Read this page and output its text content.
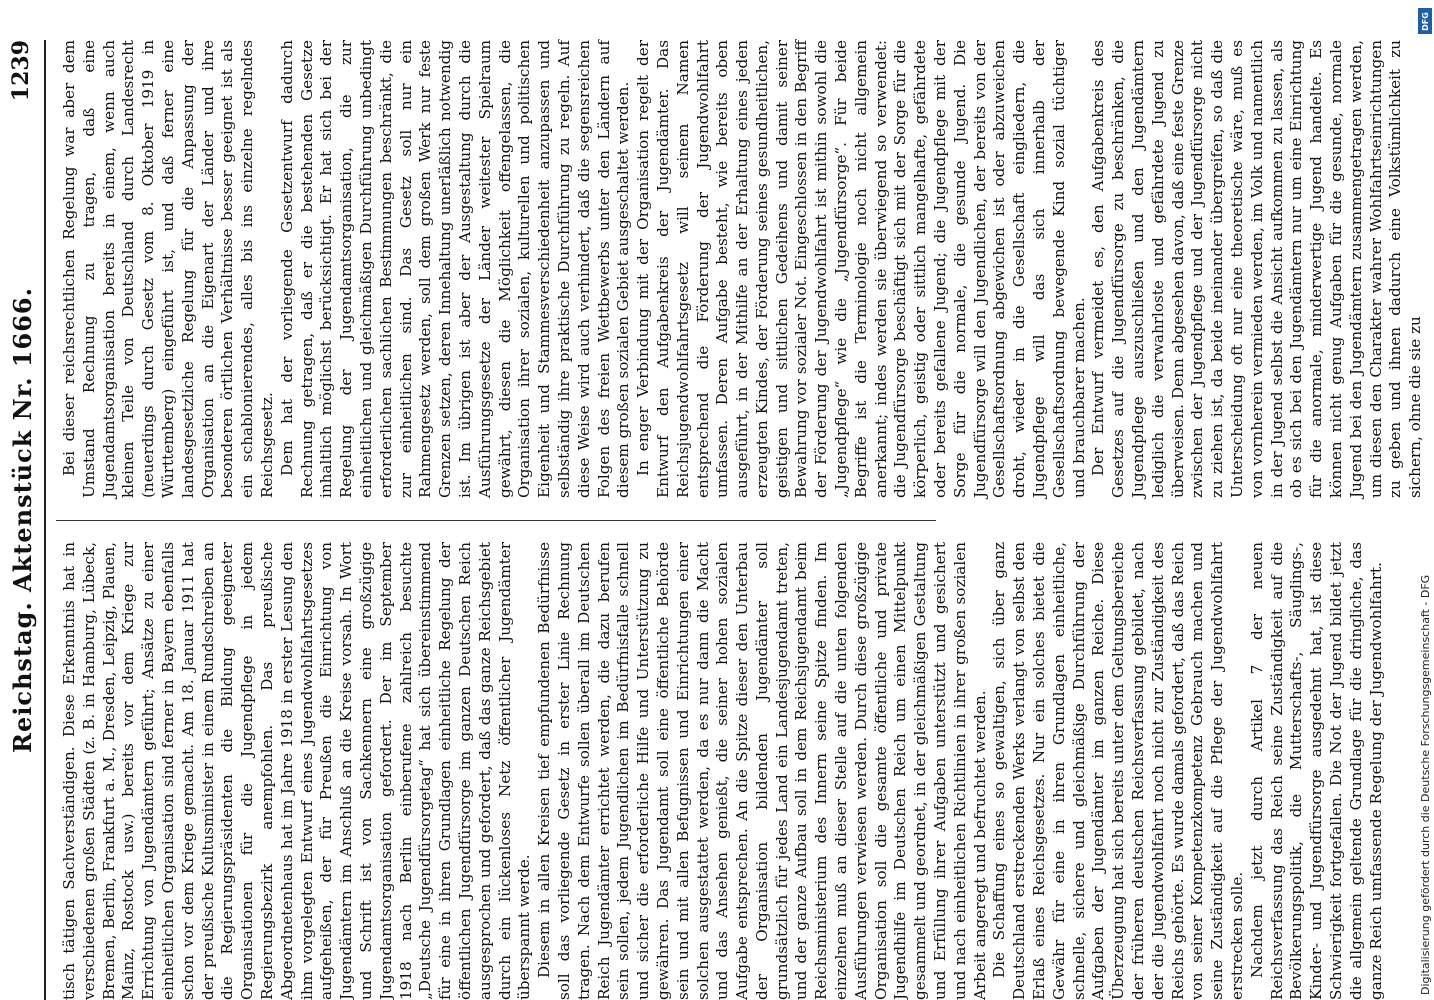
Reichstag. Aktenstück Nr. 1666.
1239

tisch tätigen Sachverständigen. Diese Erkenntnis hat in verschiedenen großen Städten (z. B. in Hamburg, Lübeck, Bremen, Berlin, Frankfurt a. M., Dresden, Leipzig, Plauen, Mainz, Rostock usw.) bereits vor dem Kriege zur Errichtung von Jugendämtern geführt; Ansätze zu einer einheitlichen Organisation sind ferner in Bayern ebenfalls schon vor dem Kriege gemacht. Am 18. Januar 1911 hat der preußische Kultusminister in einem Rundschreiben an die Regierungspräsidenten die Bildung geeigneter Organisationen für die Jugendpflege in jedem Regierungsbezirk anempfohlen. Das preußische Abgeordnetenhaus hat im Jahre 1918 in erster Lesung den ihm vorgelegten Entwurf eines Jugendwohlfahrtsgesetzes aufgeheißen, der für Preußen die Einrichtung von Jugendämtern im Anschluß an die Kreise vorsah. In Wort und Schrift ist von Sachkennern eine großzügige Jugendamtsorganisation gefordert. Der im September 1918 nach Berlin einberufene zahlreich besuchte „Deutsche Jugendfürsorgetag“ hat sich übereinstimmend für eine in ihren Grundlagen einheitliche Regelung der öffentlichen Jugendfürsorge im ganzen Deutschen Reich ausgesprochen und gefordert, daß das ganze Reichsgebiet durch ein lückenloses Netz öffentlicher Jugendämter überspannt werde. Diesem in allen Kreisen tief empfundenen Bedürfnisse soll das vorliegende Gesetz in erster Linie Rechnung tragen. Nach dem Entwurfe sollen überall im Deutschen Reich Jugendämter errichtet werden, die dazu berufen sein sollen, jedem Jugendlichen im Bedürfnisfalle schnell und sicher die erforderliche Hilfe und Unterstützung zu gewähren. Das Jugendamt soll eine öffentliche Behörde sein und mit allen Befugnissen und Einrichtungen einer solchen ausgestattet werden, da es nur dann die Macht und das Ansehen genießt, die seiner hohen sozialen Aufgabe entsprechen. An die Spitze dieser den Unterbau der Organisation bildenden Jugendämter soll grundsätzlich für jedes Land ein Landesjugendamt treten, und der ganze Aufbau soll in dem Reichsjugendamt beim Reichsministerium des Innern seine Spitze finden. Im einzelnen muß an dieser Stelle auf die unten folgenden Ausführungen verwiesen werden. Durch diese großzügige Organisation soll die gesamte öffentliche und private Jugendhilfe im Deutschen Reich um einen Mittelpunkt gesammelt und geordnet, in der gleichmäßigen Gestaltung und Erfüllung ihrer Aufgaben unterstützt und gesichert und nach einheitlichen Richtlinien in ihrer großen sozialen Arbeit angeregt und befruchtet werden. Die Schaffung eines so gewaltigen, sich über ganz Deutschland erstreckenden Werks verlangt von selbst den Erlaß eines Reichsgesetzes. Nur ein solches bietet die Gewähr für eine in ihren Grundlagen einheitliche, schnelle, sichere und gleichmäßige Durchführung der Aufgaben der Jugendämter im ganzen Reiche. Diese Überzeugung hat sich bereits unter dem Geltungsbereiche der früheren deutschen Reichsverfassung gebildet, nach der die Jugendwohlfahrt noch nicht zur Zuständigkeit des Reichs gehörte. Es wurde damals gefordert, daß das Reich von seiner Kompetenzkompetenz Gebrauch machen und seine Zuständigkeit auf die Pflege der Jugendwohlfahrt erstrecken solle. Nachdem jetzt durch Artikel 7 der neuen Reichsverfassung das Reich seine Zuständigkeit auf die Bevölkerungspolitik, die Mutterschafts-, Säuglings-, Kinder- und Jugendfürsorge ausgedehnt hat, ist diese Schwierigkeit fortgefallen. Die Not der Jugend bildet jetzt die allgemein geltende Grundlage für die dringliche, das ganze Reich umfassende Regelung der Jugendwohlfahrt.

Bei dieser reichsrechtlichen Regelung war aber dem Umstand Rechnung zu tragen, daß eine Jugendamtsorganisation bereits in einem, wenn auch kleinen Teile von Deutschland durch Landesrecht (neuerdings durch Gesetz vom 8. Oktober 1919 in Württemberg) eingeführt ist, und daß ferner eine landesgesetzliche Regelung für die Anpassung der Organisation an die Eigenart der Länder und ihre besonderen örtlichen Verhältnisse besser geeignet ist als ein schablonierendes, alles bis ins einzelne regelndes Reichsgesetz. Dem hat der vorliegende Gesetzentwurf dadurch Rechnung getragen, daß er die bestehenden Gesetze inhaltlich möglichst berücksichtigt. Er hat sich bei der Regelung der Jugendamtsorganisation, die zur einheitlichen und gleichmäßigen Durchführung unbedingt erforderlichen sachlichen Bestimmungen beschränkt, die zur einheitlichen sind. Das Gesetz soll nur ein Rahmengesetz werden, soll dem großen Werk nur feste Grenzen setzen, deren Innehaltung unerläßlich notwendig ist. Im übrigen ist aber der Ausgestaltung durch die Ausführungsgesetze der Länder weitester Spielraum gewährt, diesen die Möglichkeit offengelassen, die Organisation ihrer sozialen, kulturellen und politischen Eigenheit und Stammesverschiedenheit anzupassen und selbständig ihre praktische Durchführung zu regeln. Auf diese Weise wird auch verhindert, daß die segensreichen Folgen des freien Wettbewerbs unter den Ländern auf diesem großen sozialen Gebiet ausgeschaltet werden. In enger Verbindung mit der Organisation regelt der Entwurf den Aufgabenkreis der Jugendämter. Das Reichsjugendwohlfahrtsgesetz will seinem Namen entsprechend die Förderung der Jugendwohlfahrt umfassen. Deren Aufgabe besteht, wie bereits oben ausgeführt, in der Mithilfe an der Erhaltung eines jeden erzeugten Kindes, der Förderung seines gesundheitlichen, geistigen und sittlichen Gedeihens und damit seiner Bewahrung vor sozialer Not. Eingeschlossen in den Begriff der Förderung der Jugendwohlfahrt ist mithin sowohl die „Jugendpflege“ wie die „Jugendfürsorge“. Für beide Begriffe ist die Terminologie noch nicht allgemein anerkannt; indes werden sie überwiegend so verwendet: die Jugendfürsorge beschäftigt sich mit der Sorge für die körperlich, geistig oder sittlich mangelhafte, gefährdete oder bereits gefallene Jugend; die Jugendpflege mit der Sorge für die normale, die gesunde Jugend. Die Jugendfürsorge will den Jugendlichen, der bereits von der Gesellschaftsordnung abgewichen ist oder abzuweichen droht, wieder in die Gesellschaft eingliedern, die Jugendpflege will das sich innerhalb der Gesellschaftsordnung bewegende Kind sozial tüchtiger und brauchbarer machen. Der Entwurf vermeidet es, den Aufgabenkreis des Gesetzes auf die Jugendfürsorge zu beschränken, die Jugendpflege auszuschließen und den Jugendämtern lediglich die verwahrloste und gefährdete Jugend zu überweisen. Denn abgesehen davon, daß eine feste Grenze zwischen der Jugendpflege und der Jugendfürsorge nicht zu ziehen ist, da beide ineinander übergreifen, so daß die Unterscheidung oft nur eine theoretische wäre, muß es von vornherein vermieden werden, im Volk und namentlich in der Jugend selbst die Ansicht aufkommen zu lassen, als ob es sich bei den Jugendämtern nur um eine Einrichtung für die anormale, minderwertige Jugend handelte. Es können nicht genug Aufgaben für die gesunde, normale Jugend bei den Jugendämtern zusammengetragen werden, um diesen den Charakter wahrer Wohlfahrtseinrichtungen zu geben und ihnen dadurch eine Volkstümlichkeit zu sichern, ohne die sie zu

DFG
Digitalisierung gefördert durch die Deutsche Forschungsgemeinschaft - DFG
